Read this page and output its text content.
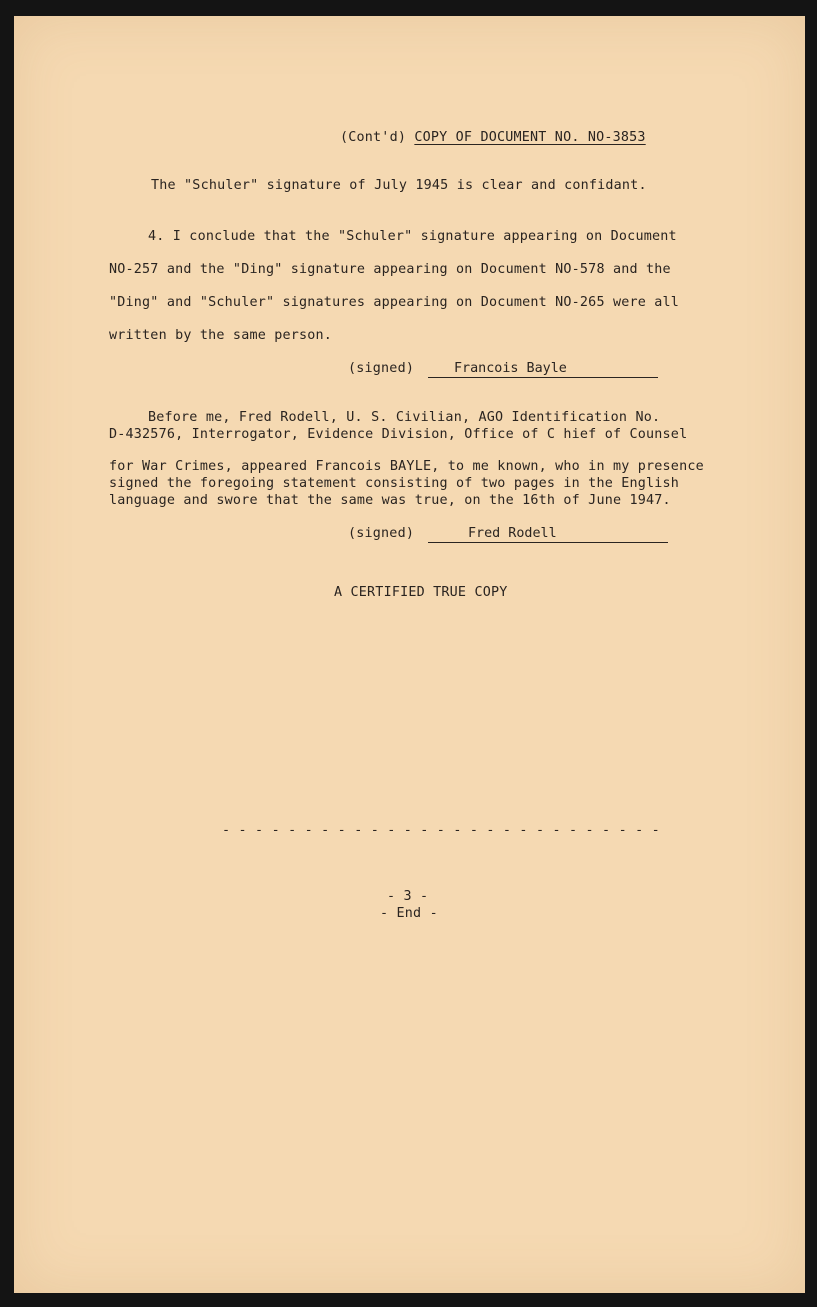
(Cont'd) COPY OF DOCUMENT NO. NO-3853
The "Schuler" signature of July 1945 is clear and confidant.
4. I conclude that the "Schuler" signature appearing on Document
NO-257 and the "Ding" signature appearing on Document NO-578 and the
"Ding" and "Schuler" signatures appearing on Document NO-265 were all
written by the same person.
(signed)	Francois Bayle
Before me, Fred Rodell, U. S. Civilian, AGO Identification No.
D-432576, Interrogator, Evidence Division, Office of C hief of Counsel
for War Crimes, appeared Francois BAYLE, to me known, who in my presence
signed the foregoing statement consisting of two pages in the English
language and swore that the same was true, on the 16th of June 1947.
(signed)	Fred Rodell
A CERTIFIED TRUE COPY
- - - - - - - - - - - - - - - - - - - - - - - - - - -
- 3 -
- End -
